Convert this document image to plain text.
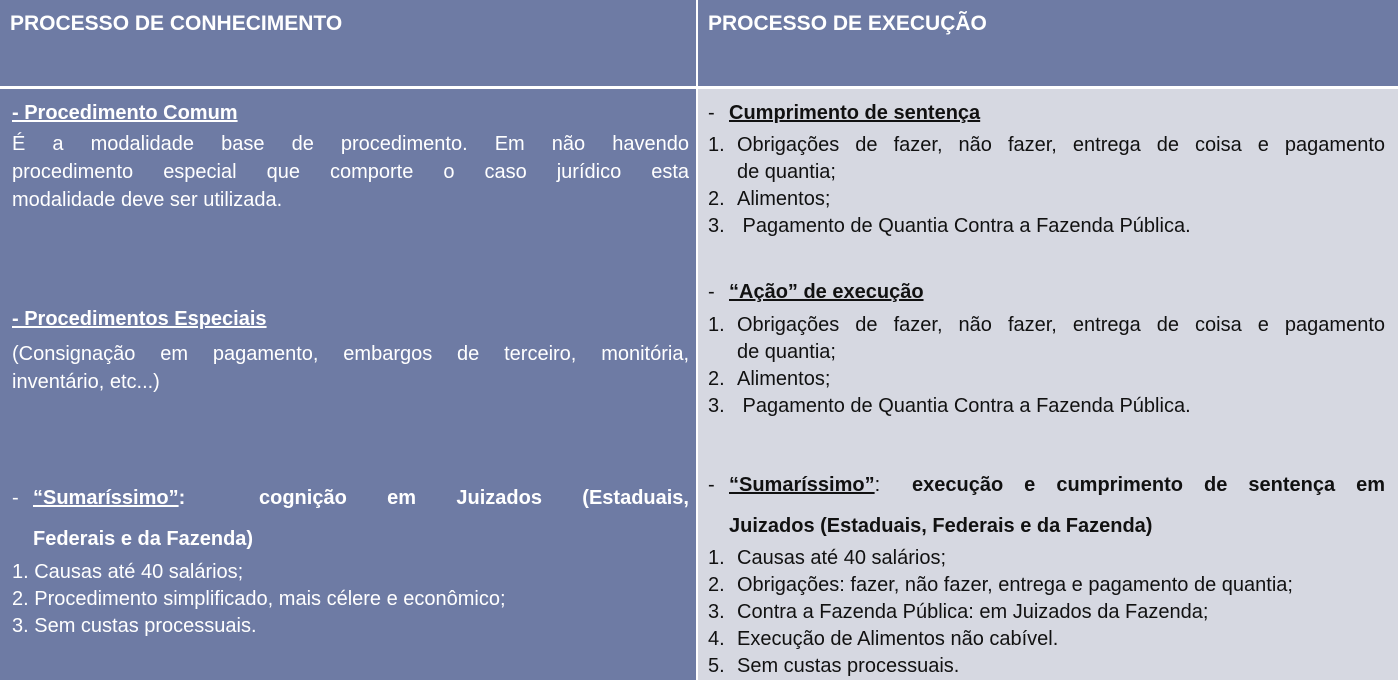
PROCESSO DE CONHECIMENTO	PROCESSO DE EXECUÇÃO
- Procedimento Comum
É a modalidade base de procedimento. Em não havendo
procedimento especial que comporte o caso jurídico esta
modalidade deve ser utilizada.
- Procedimentos Especiais
(Consignação em pagamento, embargos de terceiro, monitória,
inventário, etc...)
- “Sumaríssimo”:	cognição em Juizados (Estaduais,
Federais e da Fazenda)
1. Causas até 40 salários;
2. Procedimento simplificado, mais célere e econômico;
3. Sem custas processuais.
- Cumprimento de sentença
1. Obrigações de fazer, não fazer, entrega de coisa e pagamento
de quantia;
2. Alimentos;
3. Pagamento de Quantia Contra a Fazenda Pública.
- “Ação” de execução
1. Obrigações de fazer, não fazer, entrega de coisa e pagamento
de quantia;
2. Alimentos;
3. Pagamento de Quantia Contra a Fazenda Pública.
- “Sumaríssimo”: execução e cumprimento de sentença em
Juizados (Estaduais, Federais e da Fazenda)
1. Causas até 40 salários;
2. Obrigações: fazer, não fazer, entrega e pagamento de quantia;
3. Contra a Fazenda Pública: em Juizados da Fazenda;
4. Execução de Alimentos não cabível.
5. Sem custas processuais.
